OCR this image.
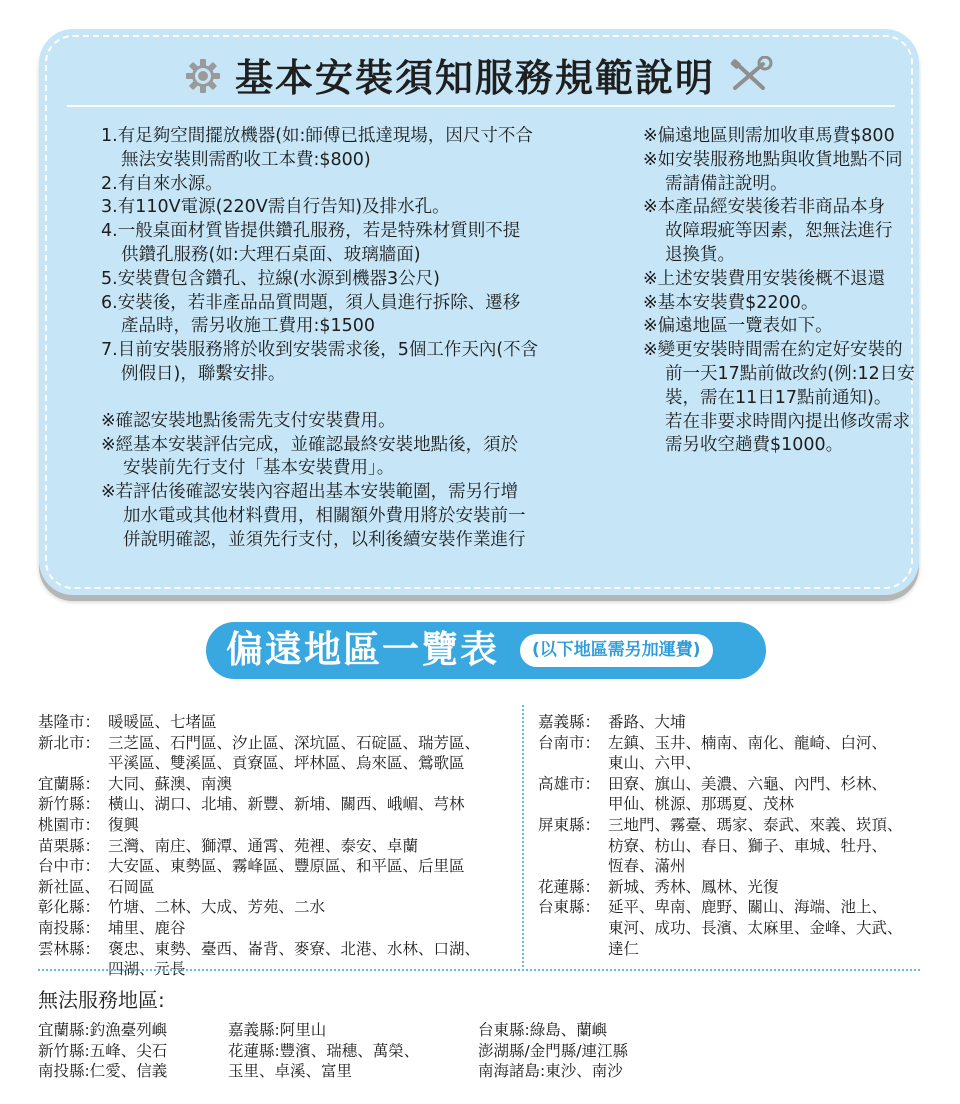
基本安裝須知服務規範說明
1.有足夠空間擺放機器(如:師傅已抵達現場，因尺寸不合
無法安裝則需酌收工本費:$800)
2.有自來水源。
3.有110V電源(220V需自行告知)及排水孔。
4.一般桌面材質皆提供鑽孔服務，若是特殊材質則不提
供鑽孔服務(如:大理石桌面、玻璃牆面)
5.安裝費包含鑽孔、拉線(水源到機器3公尺)
6.安裝後，若非產品品質問題，須人員進行拆除、遷移
產品時，需另收施工費用:$1500
7.目前安裝服務將於收到安裝需求後，5個工作天內(不含
例假日)，聯繫安排。
※確認安裝地點後需先支付安裝費用。
※經基本安裝評估完成，並確認最終安裝地點後，須於
安裝前先行支付「基本安裝費用」。
※若評估後確認安裝內容超出基本安裝範圍，需另行增
加水電或其他材料費用，相關額外費用將於安裝前一
併說明確認，並須先行支付，以利後續安裝作業進行
※偏遠地區則需加收車馬費$800
※如安裝服務地點與收貨地點不同
需請備註說明。
※本產品經安裝後若非商品本身
故障瑕疵等因素，恕無法進行
退換貨。
※上述安裝費用安裝後概不退還
※基本安裝費$2200。
※偏遠地區一覽表如下。
※變更安裝時間需在約定好安裝的
前一天17點前做改約(例:12日安
裝，需在11日17點前通知)。
若在非要求時間內提出修改需求
需另收空趟費$1000。
偏遠地區一覽表	(以下地區需另加運費)
基隆市： 暖暖區、七堵區
新北市： 三芝區、石門區、汐止區、深坑區、石碇區、瑞芳區、
平溪區、雙溪區、貢寮區、坪林區、烏來區、鶯歌區
宜蘭縣： 大同、蘇澳、南澳
新竹縣： 橫山、湖口、北埔、新豐、新埔、關西、峨嵋、芎林
桃園市： 復興
苗栗縣： 三灣、南庄、獅潭、通霄、苑裡、泰安、卓蘭
台中市： 大安區、東勢區、霧峰區、豐原區、和平區、后里區
新社區、 石岡區
彰化縣： 竹塘、二林、大成、芳苑、二水
南投縣： 埔里、鹿谷
雲林縣： 褒忠、東勢、臺西、崙背、麥寮、北港、水林、口湖、
四湖、元長
嘉義縣： 番路、大埔
台南市： 左鎮、玉井、楠南、南化、龍崎、白河、
東山、六甲、
高雄市： 田寮、旗山、美濃、六龜、內門、杉林、
甲仙、桃源、那瑪夏、茂林
屏東縣： 三地門、霧臺、瑪家、泰武、來義、崁頂、
枋寮、枋山、春日、獅子、車城、牡丹、
恆春、滿州
花蓮縣： 新城、秀林、鳳林、光復
台東縣： 延平、卑南、鹿野、關山、海端、池上、
東河、成功、長濱、太麻里、金峰、大武、
達仁
無法服務地區:
宜蘭縣:釣漁臺列嶼
新竹縣:五峰、尖石
南投縣:仁愛、信義
嘉義縣:阿里山
花蓮縣:豐濱、瑞穗、萬榮、
玉里、卓溪、富里
台東縣:綠島、蘭嶼
澎湖縣/金門縣/連江縣
南海諸島:東沙、南沙
